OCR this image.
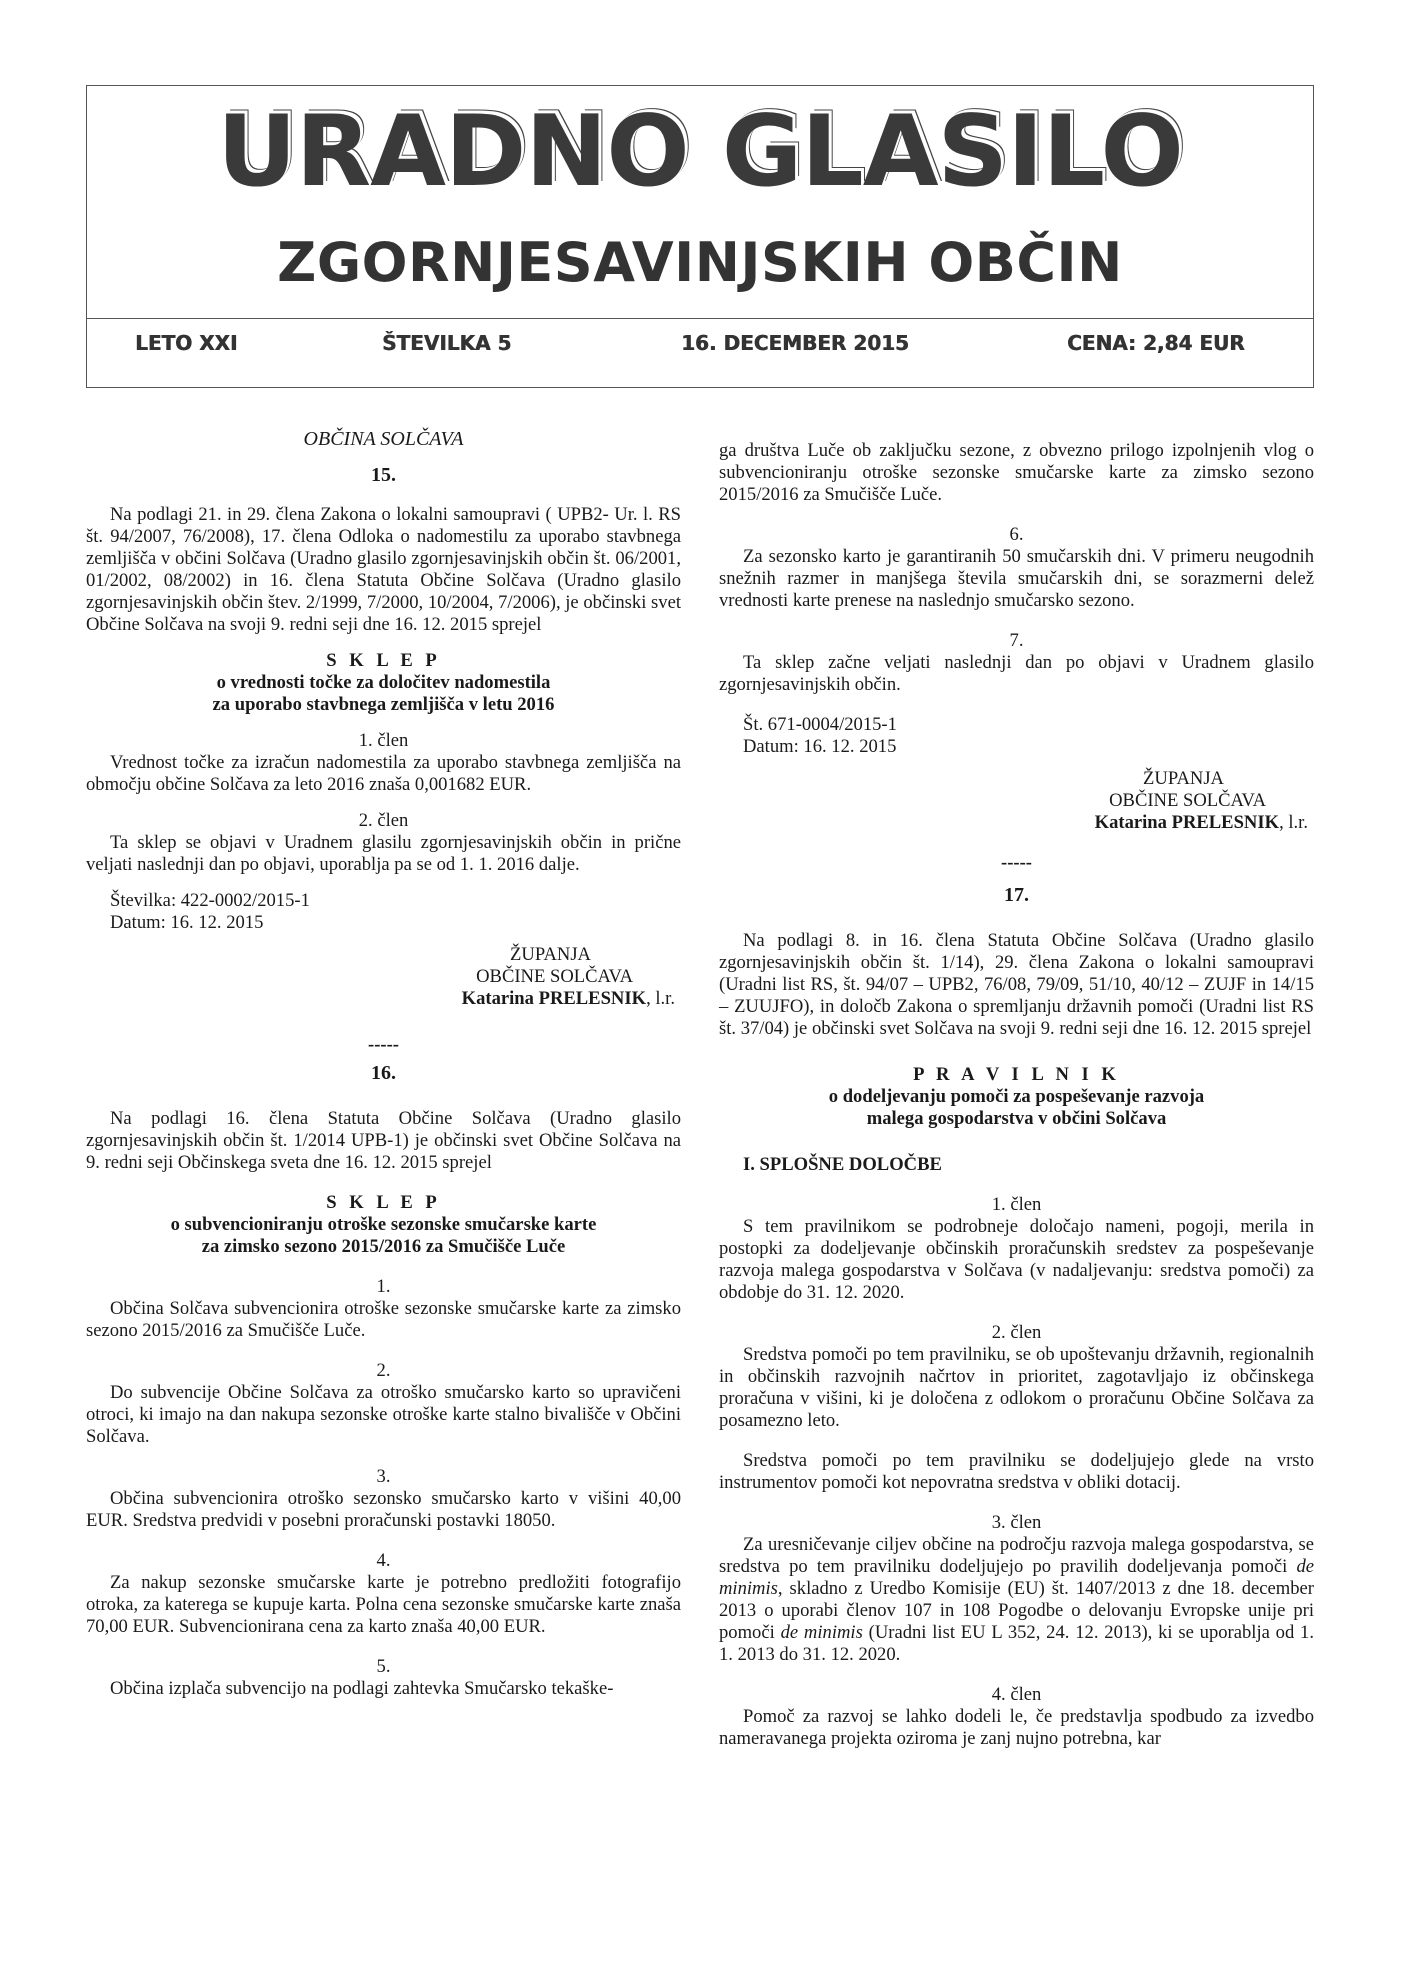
URADNO GLASILO
ZGORNJESAVINJSKIH OBČIN
LETO XXI	ŠTEVILKA 5	16. DECEMBER 2015	CENA: 2,84 EUR

OBČINA SOLČAVA

15.

Na podlagi 21. in 29. člena Zakona o lokalni samoupravi ( UPB2- Ur. l. RS št. 94/2007, 76/2008), 17. člena Odloka o nadomestilu za uporabo stavbnega zemljišča v občini Solčava (Uradno glasilo zgornjesavinjskih občin št. 06/2001, 01/2002, 08/2002) in 16. člena Statuta Občine Solčava (Uradno glasilo zgornjesavinjskih občin štev. 2/1999, 7/2000, 10/2004, 7/2006), je občinski svet Občine Solčava na svoji 9. redni seji dne 16. 12. 2015 sprejel

S K L E P

o vrednosti točke za določitev nadomestila

za uporabo stavbnega zemljišča v letu 2016

1. člen

Vrednost točke za izračun nadomestila za uporabo stavbnega zemljišča na območju občine Solčava za leto 2016 znaša 0,001682 EUR.

2. člen

Ta sklep se objavi v Uradnem glasilu zgornjesavinjskih občin in prične veljati naslednji dan po objavi, uporablja pa se od 1. 1. 2016 dalje.

Številka: 422-0002/2015-1

Datum: 16. 12. 2015

ŽUPANJA

OBČINE SOLČAVA

Katarina PRELESNIK, l.r.

-----

16.

Na podlagi 16. člena Statuta Občine Solčava (Uradno glasilo zgornjesavinjskih občin št. 1/2014 UPB-1) je občinski svet Občine Solčava na 9. redni seji Občinskega sveta dne 16. 12. 2015 sprejel

S K L E P

o subvencioniranju otroške sezonske smučarske karte

za zimsko sezono 2015/2016 za Smučišče Luče

1.

Občina Solčava subvencionira otroške sezonske smučarske karte za zimsko sezono 2015/2016 za Smučišče Luče.

2.

Do subvencije Občine Solčava za otroško smučarsko karto so upravičeni otroci, ki imajo na dan nakupa sezonske otroške karte stalno bivališče v Občini Solčava.

3.

Občina subvencionira otroško sezonsko smučarsko karto v višini 40,00 EUR. Sredstva predvidi v posebni proračunski postavki 18050.

4.

Za nakup sezonske smučarske karte je potrebno predložiti fotografijo otroka, za katerega se kupuje karta. Polna cena sezonske smučarske karte znaša 70,00 EUR. Subvencionirana cena za karto znaša 40,00 EUR.

5.

Občina izplača subvencijo na podlagi zahtevka Smučarsko tekaške-

ga društva Luče ob zaključku sezone, z obvezno prilogo izpolnjenih vlog o subvencioniranju otroške sezonske smučarske karte za zimsko sezono 2015/2016 za Smučišče Luče.

6.

Za sezonsko karto je garantiranih 50 smučarskih dni. V primeru neugodnih snežnih razmer in manjšega števila smučarskih dni, se sorazmerni delež vrednosti karte prenese na naslednjo smučarsko sezono.

7.

Ta sklep začne veljati naslednji dan po objavi v Uradnem glasilo zgornjesavinjskih občin.

Št. 671-0004/2015-1

Datum: 16. 12. 2015

ŽUPANJA

OBČINE SOLČAVA

Katarina PRELESNIK, l.r.

-----

17.

Na podlagi 8. in 16. člena Statuta Občine Solčava (Uradno glasilo zgornjesavinjskih občin št. 1/14), 29. člena Zakona o lokalni samoupravi (Uradni list RS, št. 94/07 – UPB2, 76/08, 79/09, 51/10, 40/12 – ZUJF in 14/15 – ZUUJFO), in določb Zakona o spremljanju državnih pomoči (Uradni list RS št. 37/04) je občinski svet Solčava na svoji 9. redni seji dne 16. 12. 2015 sprejel

P R A V I L N I K

o dodeljevanju pomoči za pospeševanje razvoja

malega gospodarstva v občini Solčava

I. SPLOŠNE DOLOČBE

1. člen

S tem pravilnikom se podrobneje določajo nameni, pogoji, merila in postopki za dodeljevanje občinskih proračunskih sredstev za pospeševanje razvoja malega gospodarstva v Solčava (v nadaljevanju: sredstva pomoči) za obdobje do 31. 12. 2020.

2. člen

Sredstva pomoči po tem pravilniku, se ob upoštevanju državnih, regionalnih in občinskih razvojnih načrtov in prioritet, zagotavljajo iz občinskega proračuna v višini, ki je določena z odlokom o proračunu Občine Solčava za posamezno leto.

Sredstva pomoči po tem pravilniku se dodeljujejo glede na vrsto instrumentov pomoči kot nepovratna sredstva v obliki dotacij.

3. člen

Za uresničevanje ciljev občine na področju razvoja malega gospodarstva, se sredstva po tem pravilniku dodeljujejo po pravilih dodeljevanja pomoči de minimis, skladno z Uredbo Komisije (EU) št. 1407/2013 z dne 18. december 2013 o uporabi členov 107 in 108 Pogodbe o delovanju Evropske unije pri pomoči de minimis (Uradni list EU L 352, 24. 12. 2013), ki se uporablja od 1. 1. 2013 do 31. 12. 2020.

4. člen

Pomoč za razvoj se lahko dodeli le, če predstavlja spodbudo za izvedbo nameravanega projekta oziroma je zanj nujno potrebna, kar
